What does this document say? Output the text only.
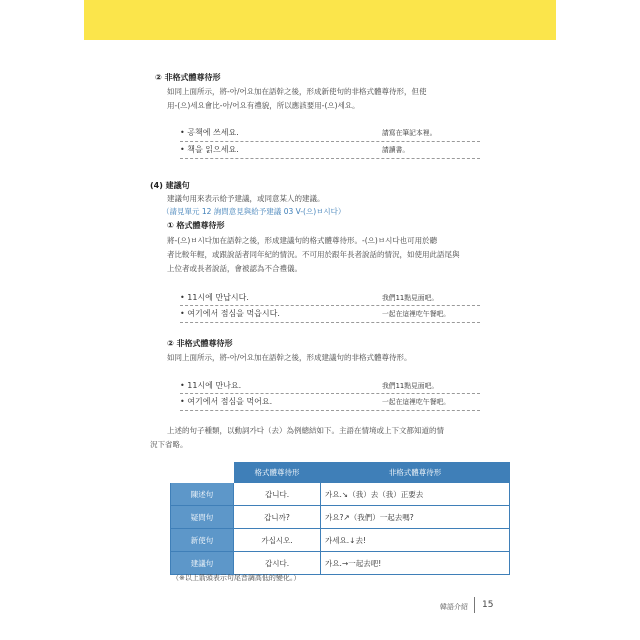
② 非格式體尊待形
如同上面所示，將-아/어요加在語幹之後，形成新使句的非格式體尊待形，但使
用-(으)세요會比-아/어요有禮貌，所以應該要用-(으)세요。
• 공책에 쓰세요.	請寫在筆記本裡。
• 책을 읽으세요.	請讀書。
(4) 建議句
建議句用來表示給予建議，或同意某人的建議。
（請見單元 12 詢問意見與給予建議 03 V-(으)ㅂ시다）
① 格式體尊待形
將-(으)ㅂ시다加在語幹之後，形成建議句的格式體尊待形。-(으)ㅂ시다也可用於聽
者比較年輕，或跟說話者同年紀的情況。不可用於跟年長者說話的情況，如使用此語尾與
上位者或長者說話，會被認為不合禮儀。
• 11시에 만납시다.	我們11點見面吧。
• 여기에서 점심을 먹읍시다.	一起在這裡吃午餐吧。
② 非格式體尊待形
如同上面所示，將-아/어요加在語幹之後，形成建議句的非格式體尊待形。
• 11시에 만나요.	我們11點見面吧。
• 여기에서 점심을 먹어요.	一起在這裡吃午餐吧。
上述的句子種類，以動詞가다（去）為例總結如下。主語在情境或上下文都知道的情
況下省略。
	格式體尊待形	非格式體尊待形
陳述句	갑니다.	가요.↘（我）去（我）正要去
疑問句	갑니까?	가요?↗（我們）一起去嗎?
新使句	가십시오.	가세요.↓去!
建議句	갑시다.	가요.→一起去吧!
（※以上箭頭表示句尾音調高低的變化。）
韓語介紹 15
